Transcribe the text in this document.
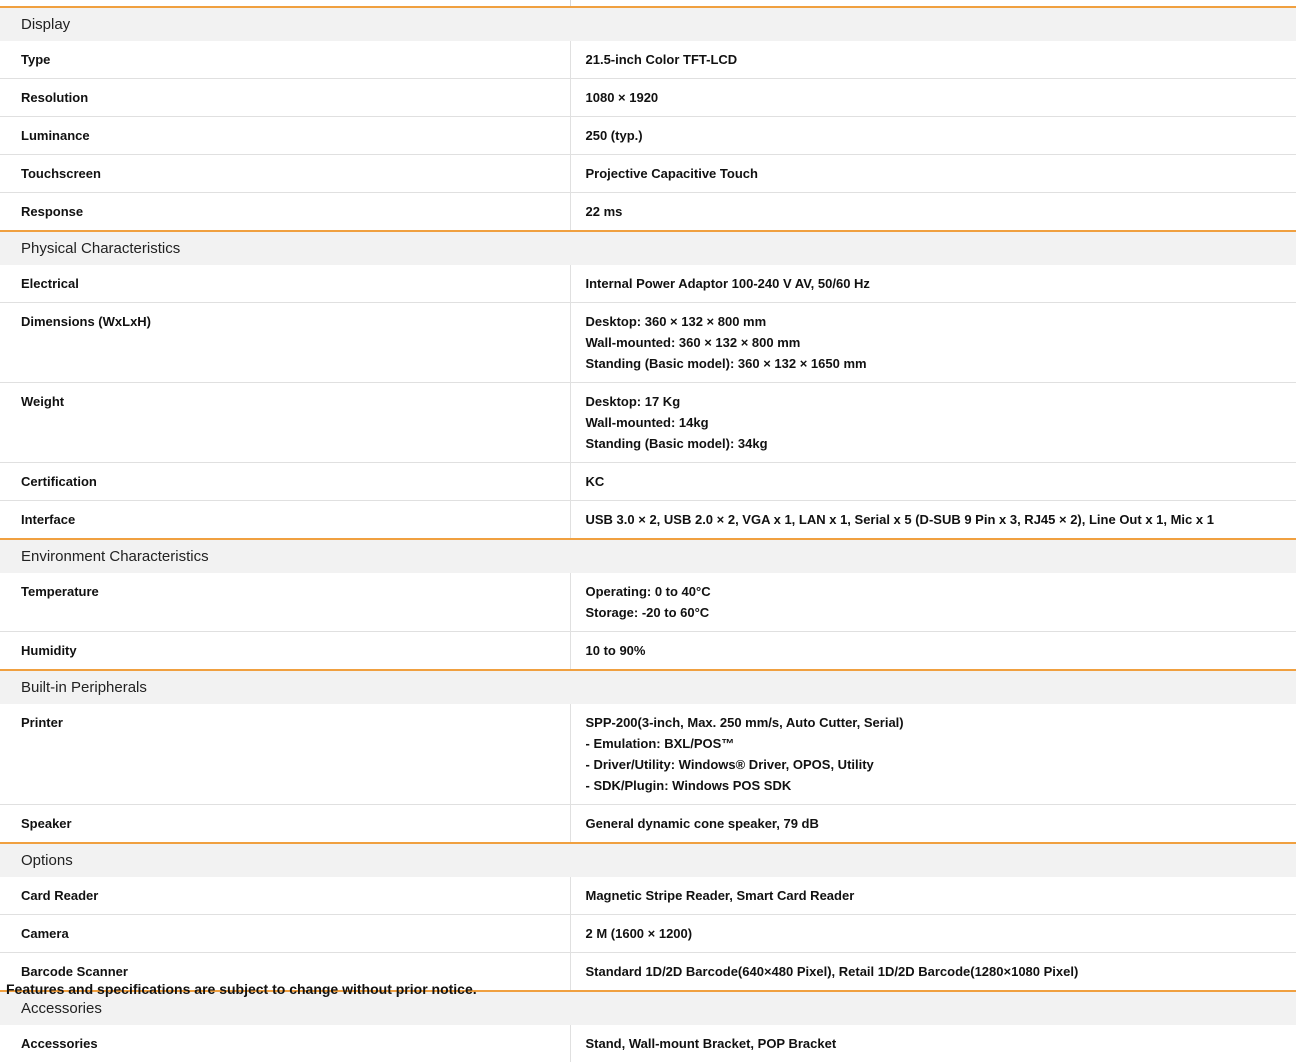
Display	
Type	21.5-inch Color TFT-LCD

Resolution	1080 × 1920

Luminance	250 (typ.)

Touchscreen	Projective Capacitive Touch

Response	22 ms

Physical Characteristics	
Electrical	Internal Power Adaptor 100-240 V AV, 50/60 Hz

Dimensions (WxLxH)	Desktop: 360 × 132 × 800 mm
Wall-mounted: 360 × 132 × 800 mm
Standing (Basic model): 360 × 132 × 1650 mm

Weight	Desktop: 17 Kg
Wall-mounted: 14kg
Standing (Basic model): 34kg

Certification	KC

Interface	USB 3.0 × 2, USB 2.0 × 2, VGA x 1, LAN x 1, Serial x 5 (D-SUB 9 Pin x 3, RJ45 × 2), Line Out x 1, Mic x 1

Environment Characteristics	
Temperature	Operating: 0 to 40°C
Storage: -20 to 60°C

Humidity	10 to 90%

Built-in Peripherals	
Printer	SPP-200(3-inch, Max. 250 mm/s, Auto Cutter, Serial)
- Emulation: BXL/POS™
- Driver/Utility: Windows® Driver, OPOS, Utility
- SDK/Plugin: Windows POS SDK

Speaker	General dynamic cone speaker, 79 dB

Options	
Card Reader	Magnetic Stripe Reader, Smart Card Reader

Camera	2 M (1600 × 1200)

Barcode Scanner	Standard 1D/2D Barcode(640×480 Pixel), Retail 1D/2D Barcode(1280×1080 Pixel)

Accessories	
Accessories	Stand, Wall-mount Bracket, POP Bracket
Features and specifications are subject to change without prior notice.
